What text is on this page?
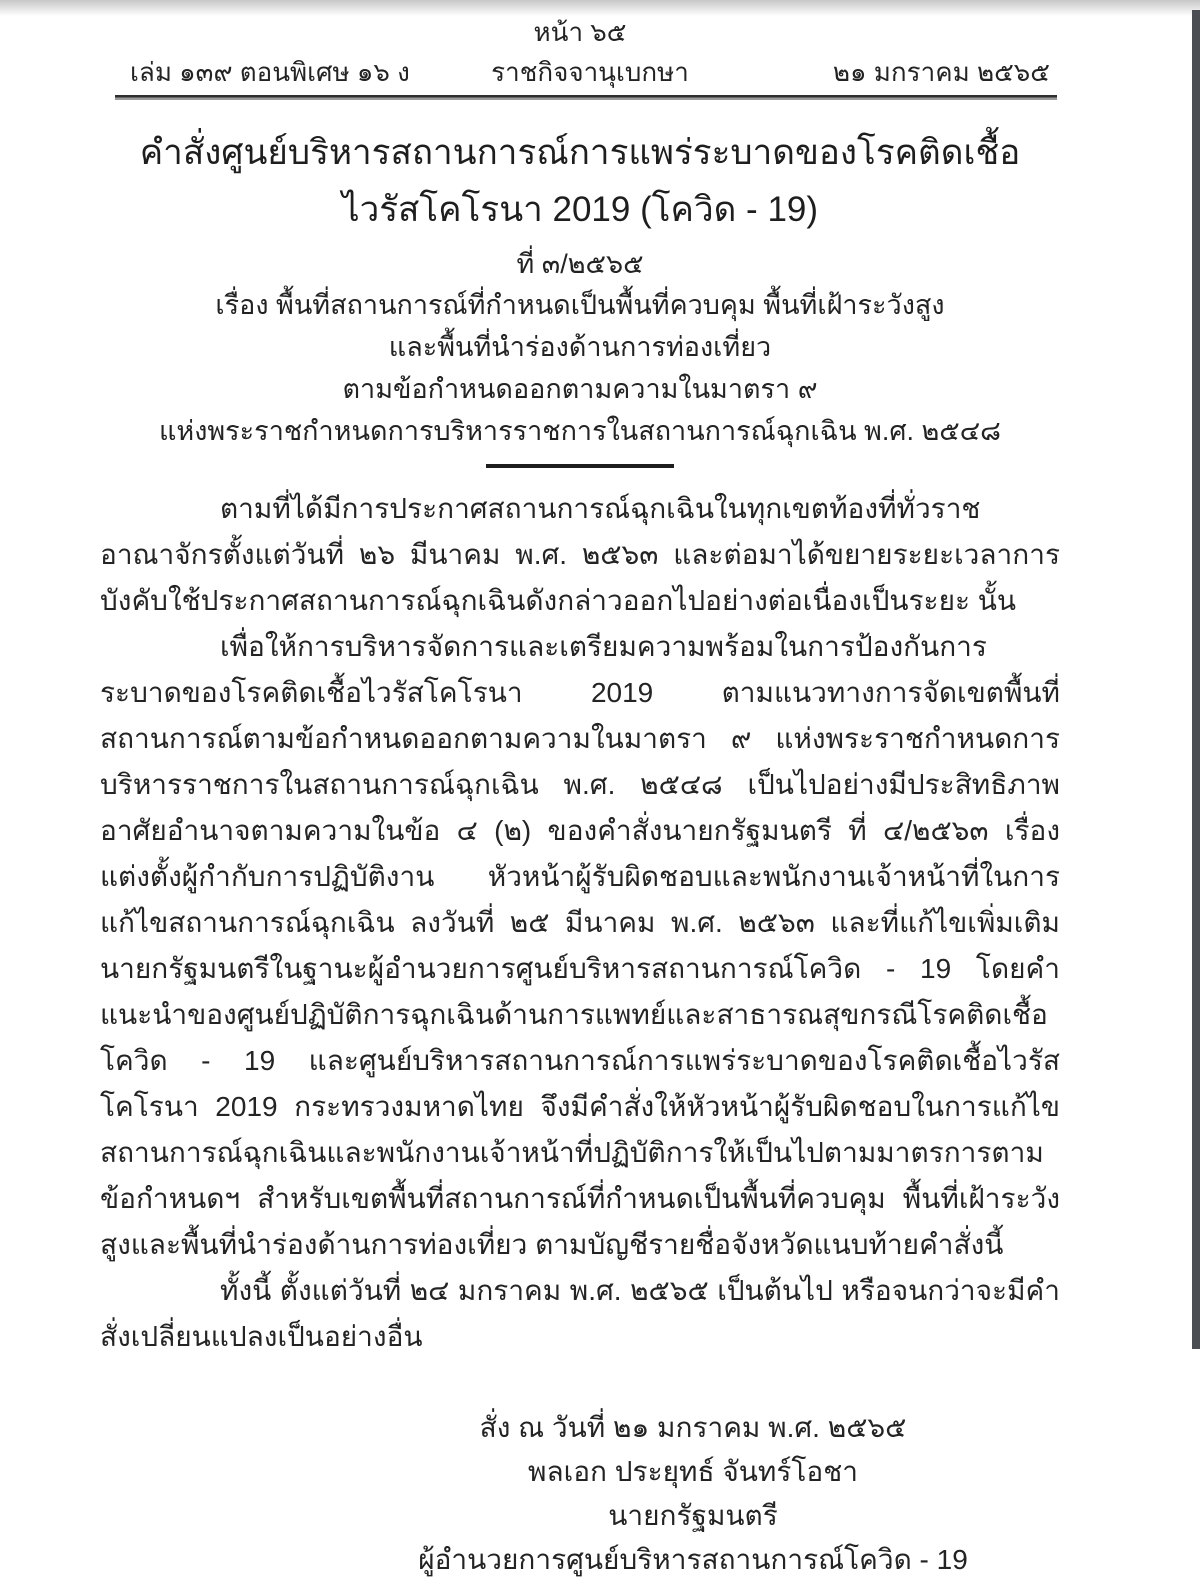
หน้า ๖๕
เล่ม ๑๓๙ ตอนพิเศษ ๑๖ ง	ราชกิจจานุเบกษา	๒๑ มกราคม ๒๕๖๕
คำสั่งศูนย์บริหารสถานการณ์การแพร่ระบาดของโรคติดเชื้อ
ไวรัสโคโรนา 2019 (โควิด - 19)
ที่ ๓/๒๕๖๕
เรื่อง พื้นที่สถานการณ์ที่กำหนดเป็นพื้นที่ควบคุม พื้นที่เฝ้าระวังสูง
และพื้นที่นำร่องด้านการท่องเที่ยว
ตามข้อกำหนดออกตามความในมาตรา ๙
แห่งพระราชกำหนดการบริหารราชการในสถานการณ์ฉุกเฉิน พ.ศ. ๒๕๔๘

ตามที่ได้มีการประกาศสถานการณ์ฉุกเฉินในทุกเขตท้องที่ทั่วราชอาณาจักรตั้งแต่วันที่ ๒๖ มีนาคม พ.ศ. ๒๕๖๓ และต่อมาได้ขยายระยะเวลาการบังคับใช้ประกาศสถานการณ์ฉุกเฉินดังกล่าวออกไปอย่างต่อเนื่องเป็นระยะ นั้น

เพื่อให้การบริหารจัดการและเตรียมความพร้อมในการป้องกันการระบาดของโรคติดเชื้อไวรัสโคโรนา 2019 ตามแนวทางการจัดเขตพื้นที่สถานการณ์ตามข้อกำหนดออกตามความในมาตรา ๙ แห่งพระราชกำหนดการบริหารราชการในสถานการณ์ฉุกเฉิน พ.ศ. ๒๕๔๘ เป็นไปอย่างมีประสิทธิภาพ อาศัยอำนาจตามความในข้อ ๔ (๒) ของคำสั่งนายกรัฐมนตรี ที่ ๔/๒๕๖๓ เรื่อง แต่งตั้งผู้กำกับการปฏิบัติงาน หัวหน้าผู้รับผิดชอบและพนักงานเจ้าหน้าที่ในการแก้ไขสถานการณ์ฉุกเฉิน ลงวันที่ ๒๕ มีนาคม พ.ศ. ๒๕๖๓ และที่แก้ไขเพิ่มเติม นายกรัฐมนตรีในฐานะผู้อำนวยการศูนย์บริหารสถานการณ์โควิด - 19 โดยคำแนะนำของศูนย์ปฏิบัติการฉุกเฉินด้านการแพทย์และสาธารณสุขกรณีโรคติดเชื้อโควิด - 19 และศูนย์บริหารสถานการณ์การแพร่ระบาดของโรคติดเชื้อไวรัสโคโรนา 2019 กระทรวงมหาดไทย จึงมีคำสั่งให้หัวหน้าผู้รับผิดชอบในการแก้ไขสถานการณ์ฉุกเฉินและพนักงานเจ้าหน้าที่ปฏิบัติการให้เป็นไปตามมาตรการตามข้อกำหนดฯ สำหรับเขตพื้นที่สถานการณ์ที่กำหนดเป็นพื้นที่ควบคุม พื้นที่เฝ้าระวังสูงและพื้นที่นำร่องด้านการท่องเที่ยว ตามบัญชีรายชื่อจังหวัดแนบท้ายคำสั่งนี้

ทั้งนี้ ตั้งแต่วันที่ ๒๔ มกราคม พ.ศ. ๒๕๖๕ เป็นต้นไป หรือจนกว่าจะมีคำสั่งเปลี่ยนแปลงเป็นอย่างอื่น

สั่ง ณ วันที่ ๒๑ มกราคม พ.ศ. ๒๕๖๕

พลเอก ประยุทธ์ จันทร์โอชา

นายกรัฐมนตรี

ผู้อำนวยการศูนย์บริหารสถานการณ์โควิด - 19
